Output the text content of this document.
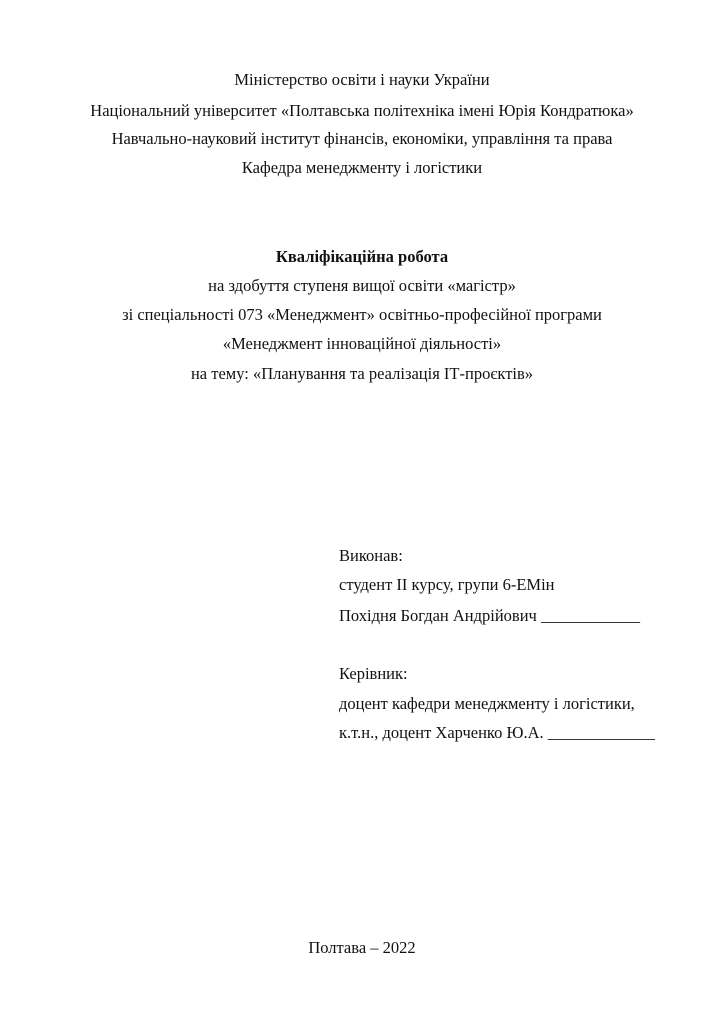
Міністерство освіти і науки України
Національний університет «Полтавська політехніка імені Юрія Кондратюка»
Навчально-науковий інститут фінансів, економіки, управління та права
Кафедра менеджменту і логістики
Кваліфікаційна робота
на здобуття ступеня вищої освіти «магістр»
зі спеціальності 073 «Менеджмент» освітньо-професійної програми
«Менеджмент інноваційної діяльності»
на тему: «Планування та реалізація ІТ-проєктів»
Виконав:
студент ІІ курсу, групи 6-ЕМін
Похідня Богдан Андрійович ____________
Керівник:
доцент кафедри менеджменту і логістики,
к.т.н., доцент Харченко Ю.А. _____________
Полтава – 2022
